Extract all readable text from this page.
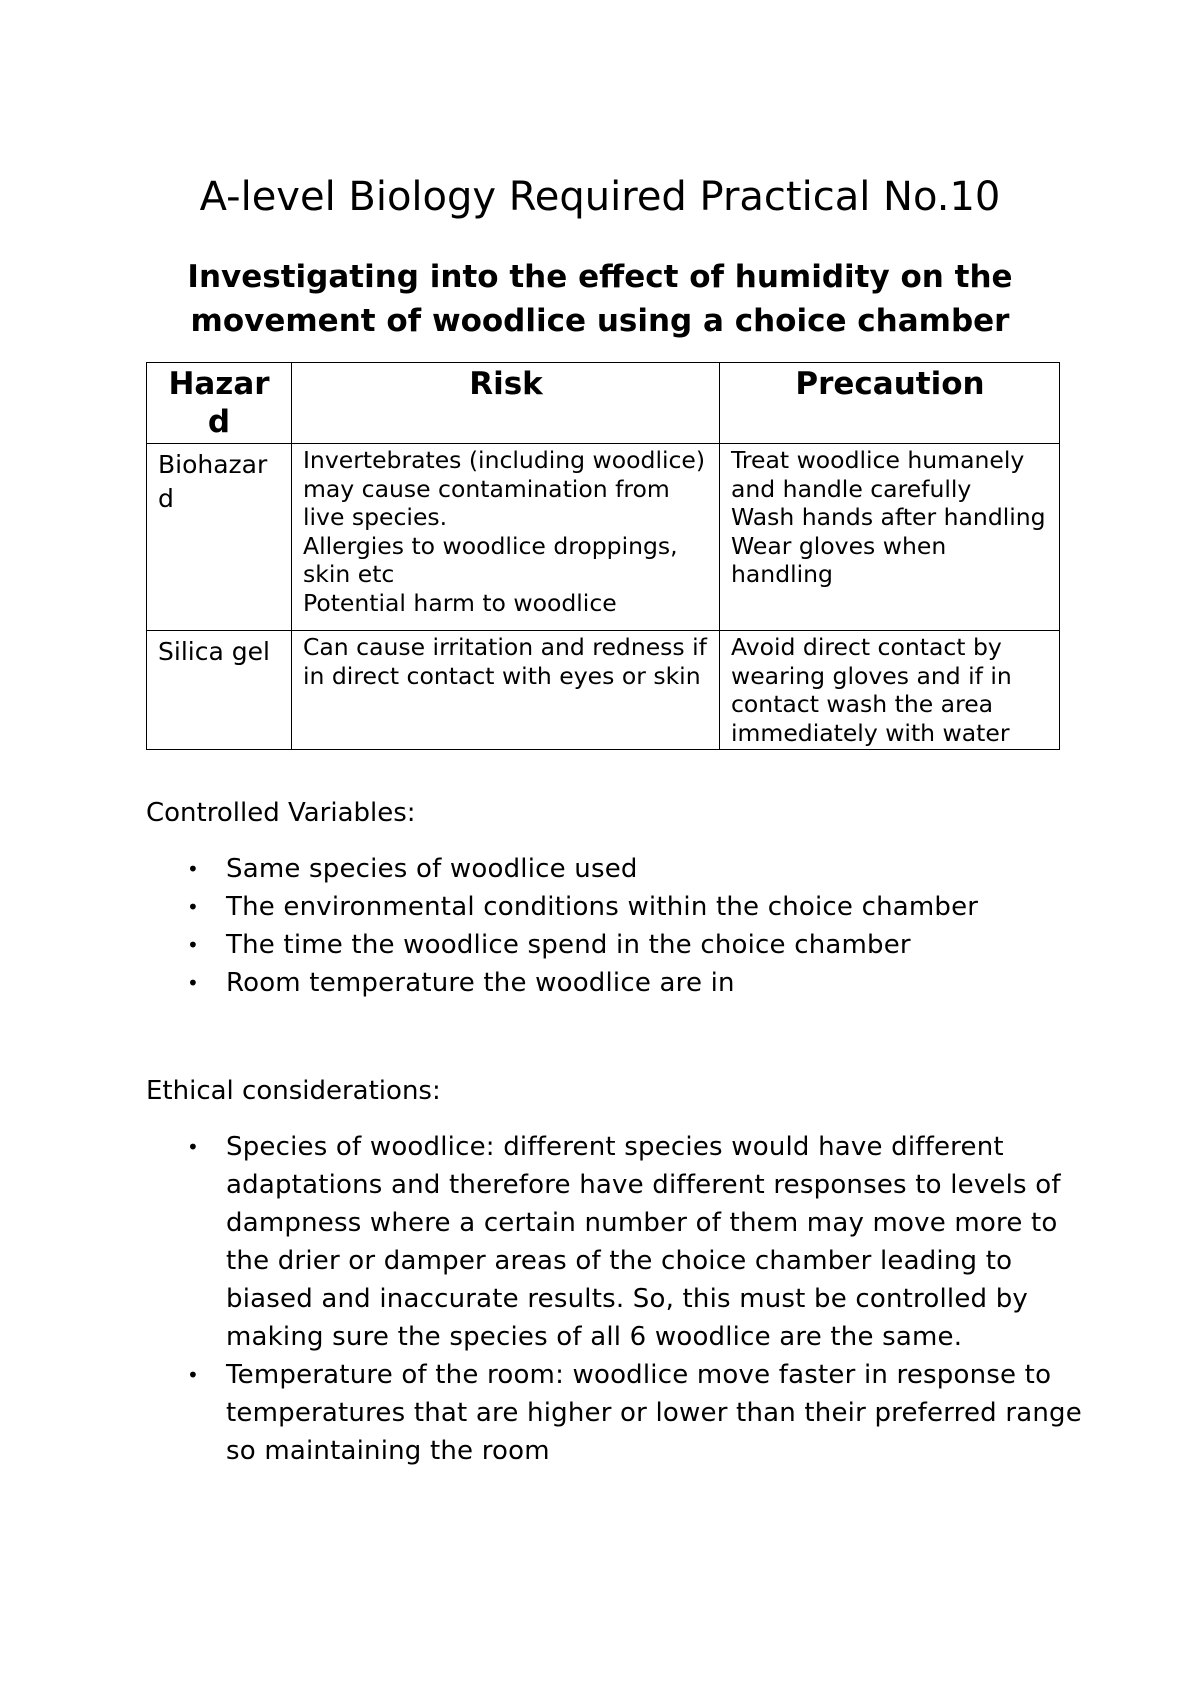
A-level Biology Required Practical No.10
Investigating into the effect of humidity on the
movement of woodlice using a choice chamber
Hazard	Risk	Precaution
Biohazard	Invertebrates (including woodlice) may cause contamination from live species.
Allergies to woodlice droppings, skin etc
Potential harm to woodlice	Treat woodlice humanely and handle carefully
Wash hands after handling
Wear gloves when handling

Silica gel	Can cause irritation and redness if in direct contact with eyes or skin	Avoid direct contact by wearing gloves and if in contact wash the area immediately with water
Controlled Variables:
• Same species of woodlice used
• The environmental conditions within the choice chamber
• The time the woodlice spend in the choice chamber
• Room temperature the woodlice are in
Ethical considerations:
• Species of woodlice: different species would have different adaptations and therefore have different responses to levels of dampness where a certain number of them may move more to the drier or damper areas of the choice chamber leading to biased and inaccurate results. So, this must be controlled by making sure the species of all 6 woodlice are the same.
• Temperature of the room: woodlice move faster in response to temperatures that are higher or lower than their preferred range so maintaining the room
